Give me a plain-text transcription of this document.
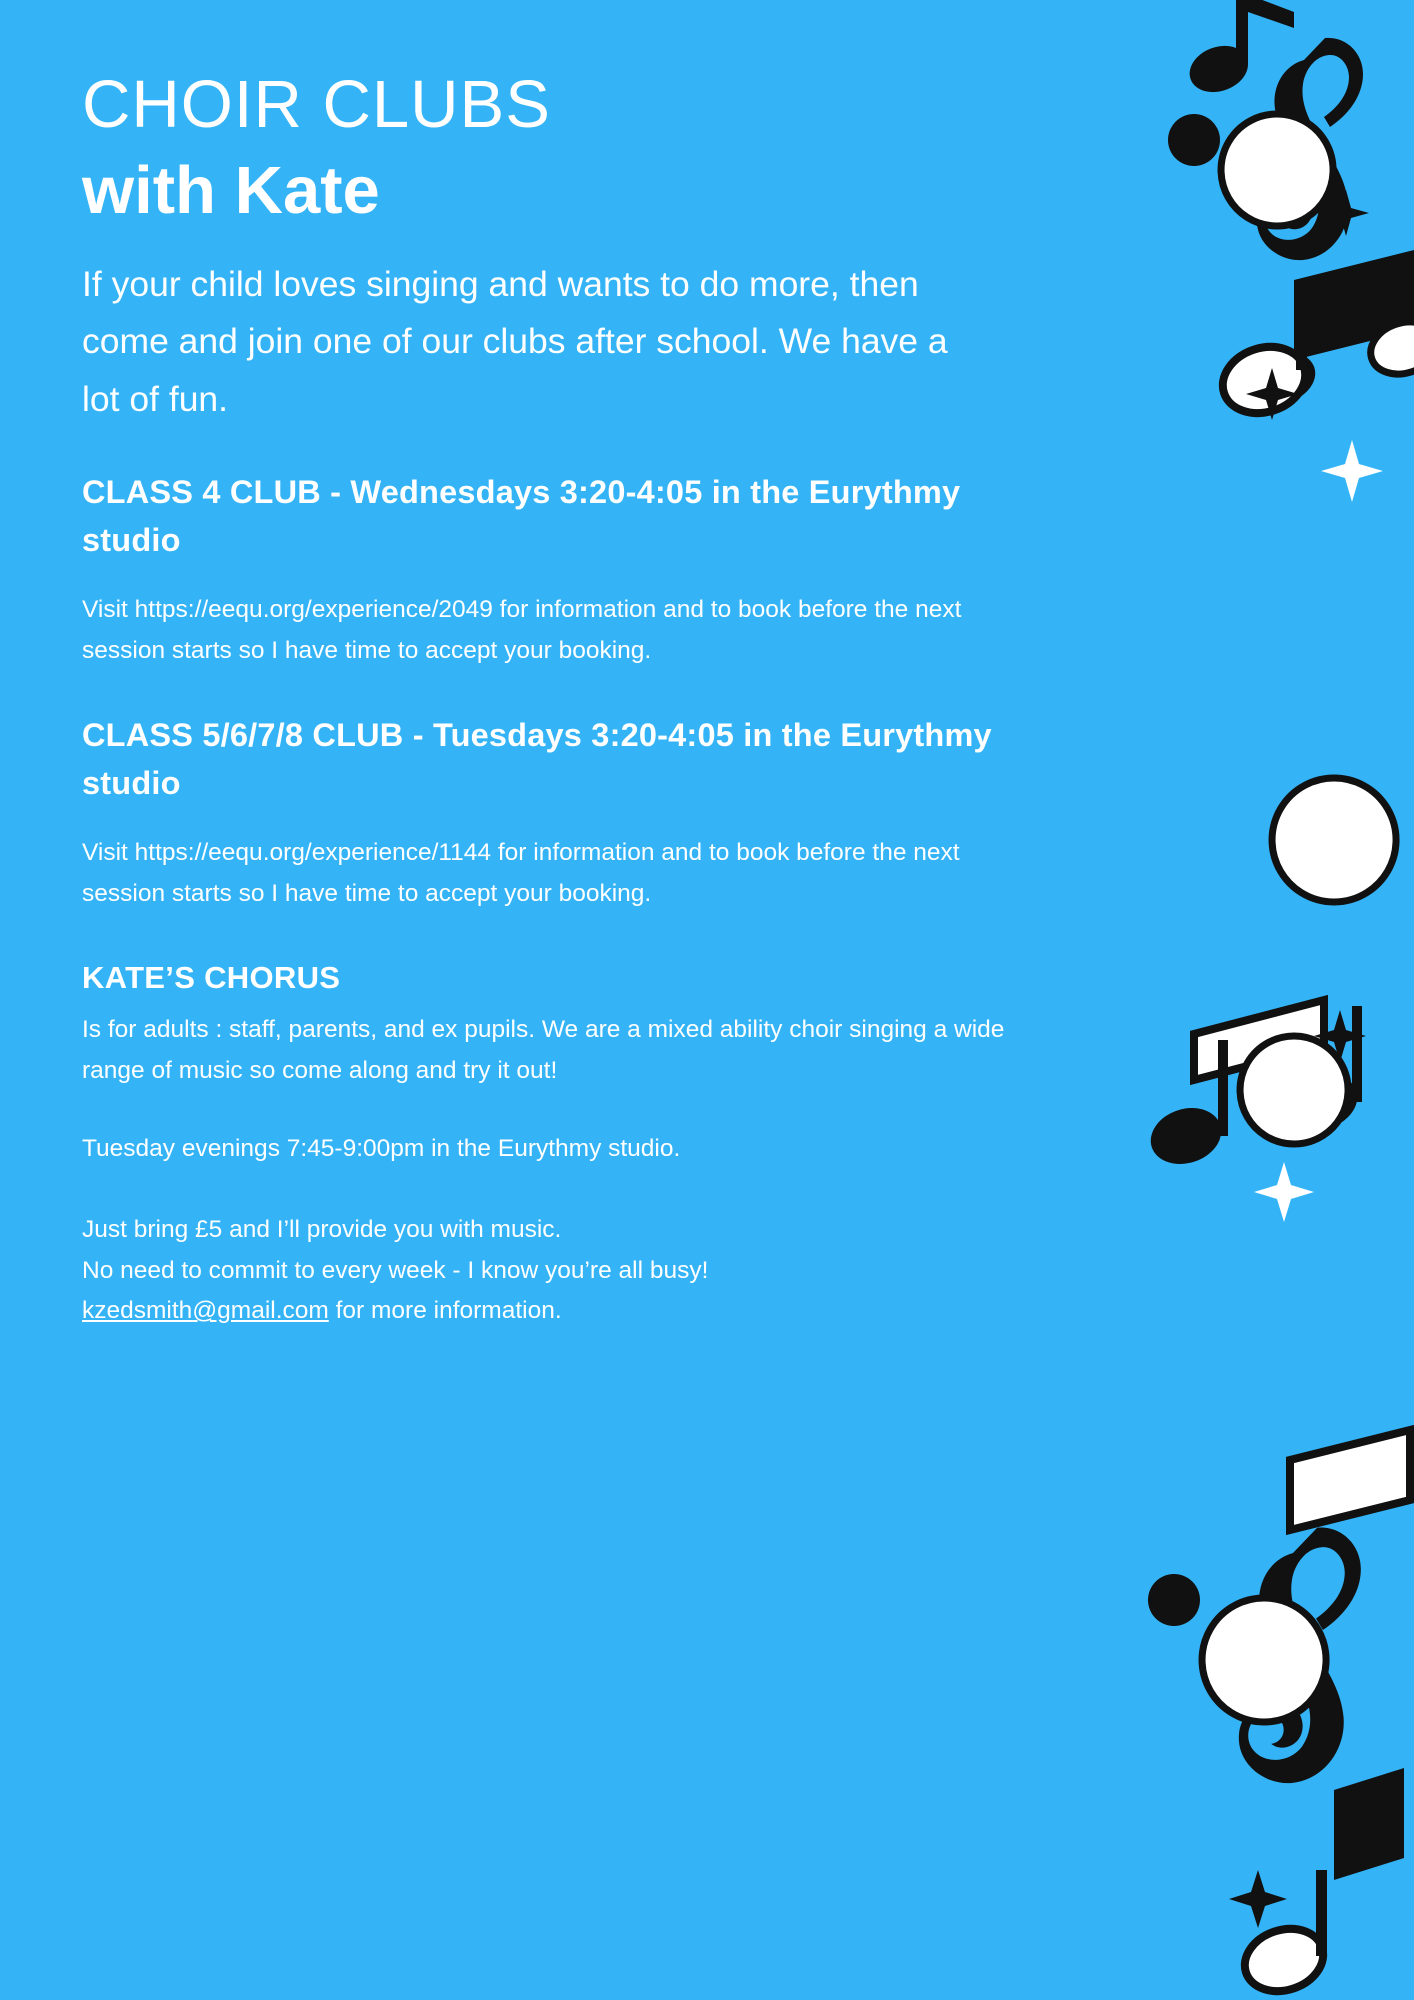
CHOIR CLUBS
with Kate

If your child loves singing and wants to do more, then come and join one of our clubs after school. We have a lot of fun.

CLASS 4 CLUB - Wednesdays 3:20-4:05 in the Eurythmy studio

Visit https://eequ.org/experience/2049 for information and to book before the next session starts so I have time to accept your booking.

CLASS 5/6/7/8 CLUB - Tuesdays 3:20-4:05 in the Eurythmy studio

Visit https://eequ.org/experience/1144 for information and to book before the next session starts so I have time to accept your booking.

KATE’S CHORUS

Is for adults : staff, parents, and ex pupils. We are a mixed ability choir singing a wide range of music so come along and try it out!

Tuesday evenings 7:45-9:00pm in the Eurythmy studio.

Just bring £5 and I’ll provide you with music.
No need to commit to every week - I know you’re all busy!
kzedsmith@gmail.com for more information.
